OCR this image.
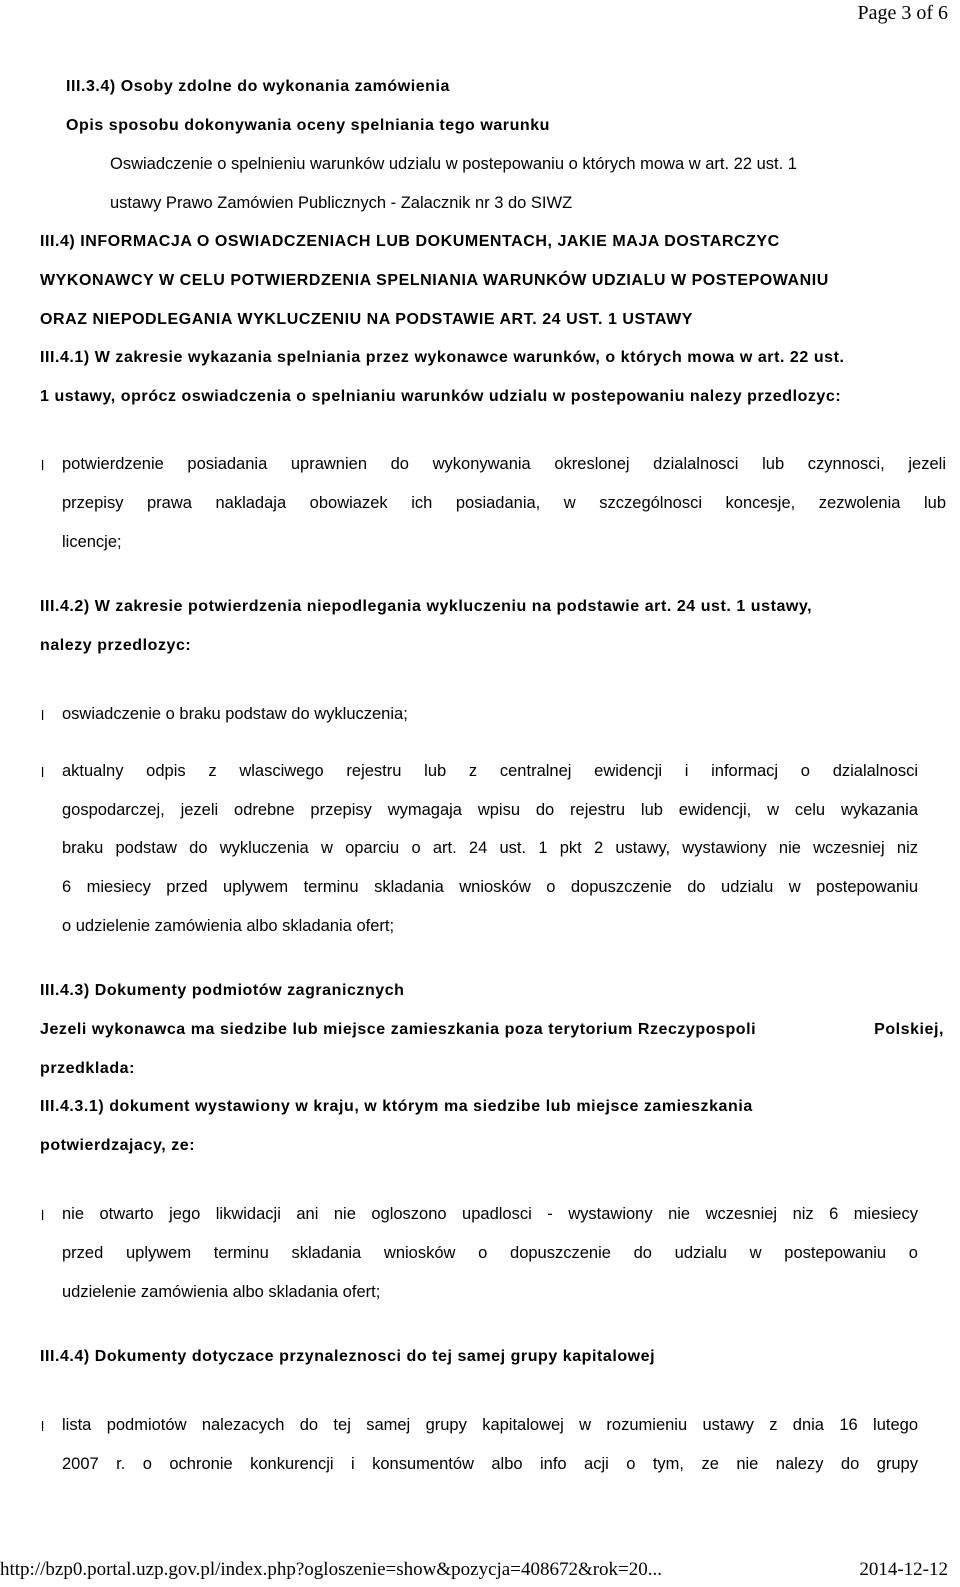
Page 3 of 6
III.3.4) Osoby zdolne do wykonania zamówienia
Opis sposobu dokonywania oceny spelniania tego warunku
Oswiadczenie o spelnieniu warunków udzialu w postepowaniu o których mowa w art. 22 ust. 1
ustawy Prawo Zamówien Publicznych - Zalacznik nr 3 do SIWZ
III.4) INFORMACJA O OSWIADCZENIACH LUB DOKUMENTACH, JAKIE MAJA DOSTARCZYC
WYKONAWCY W CELU POTWIERDZENIA SPELNIANIA WARUNKÓW UDZIALU W POSTEPOWANIU
ORAZ NIEPODLEGANIA WYKLUCZENIU NA PODSTAWIE ART. 24 UST. 1 USTAWY
III.4.1) W zakresie wykazania spelniania przez wykonawce warunków, o których mowa w art. 22 ust.
1 ustawy, oprócz oswiadczenia o spelnianiu warunków udzialu w postepowaniu nalezy przedlozyc:
l potwierdzenie posiadania uprawnien do wykonywania okreslonej dzialalnosci lub czynnosci, jezeli
przepisy prawa nakladaja obowiazek ich posiadania, w szczególnosci koncesje, zezwolenia lub
licencje;
III.4.2) W zakresie potwierdzenia niepodlegania wykluczeniu na podstawie art. 24 ust. 1 ustawy,
nalezy przedlozyc:
l oswiadczenie o braku podstaw do wykluczenia;
l aktualny odpis z wlasciwego rejestru lub z centralnej ewidencji i informacj o dzialalnosci
gospodarczej, jezeli odrebne przepisy wymagaja wpisu do rejestru lub ewidencji, w celu wykazania
braku podstaw do wykluczenia w oparciu o art. 24 ust. 1 pkt 2 ustawy, wystawiony nie wczesniej niz
6 miesiecy przed uplywem terminu skladania wniosków o dopuszczenie do udzialu w postepowaniu
o udzielenie zamówienia albo skladania ofert;
III.4.3) Dokumenty podmiotów zagranicznych
Jezeli wykonawca ma siedzibe lub miejsce zamieszkania poza terytorium Rzeczypospoli	Polskiej,
przedklada:
III.4.3.1) dokument wystawiony w kraju, w którym ma siedzibe lub miejsce zamieszkania
potwierdzajacy, ze:
l nie otwarto jego likwidacji ani nie ogloszono upadlosci - wystawiony nie wczesniej niz 6 miesiecy
przed uplywem terminu skladania wniosków o dopuszczenie do udzialu w postepowaniu o
udzielenie zamówienia albo skladania ofert;
III.4.4) Dokumenty dotyczace przynaleznosci do tej samej grupy kapitalowej
l lista podmiotów nalezacych do tej samej grupy kapitalowej w rozumieniu ustawy z dnia 16 lutego
2007 r. o ochronie konkurencji i konsumentów albo info acji o tym, ze nie nalezy do grupy
http://bzp0.portal.uzp.gov.pl/index.php?ogloszenie=show&pozycja=408672&rok=20...	2014-12-12
